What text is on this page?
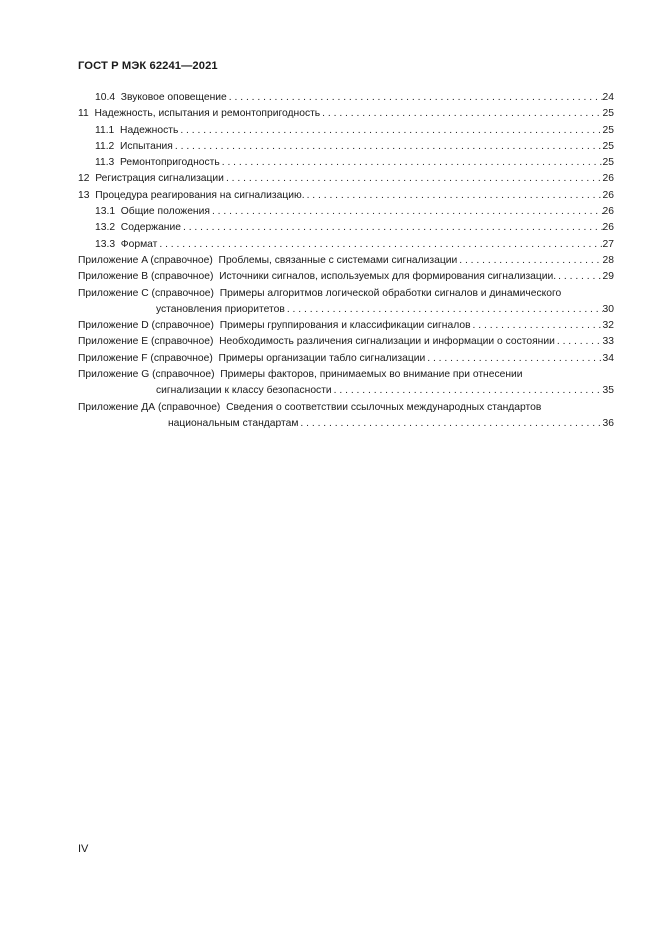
ГОСТ Р МЭК 62241—2021
10.4 Звуковое оповещение . . .	24
11 Надежность, испытания и ремонтопригодность . . .	25
11.1 Надежность . . .	25
11.2 Испытания . . .	25
11.3 Ремонтопригодность . . .	25
12 Регистрация сигнализации . . .	26
13 Процедура реагирования на сигнализацию. . . .	26
13.1 Общие положения . . .	26
13.2 Содержание . . .	26
13.3 Формат . . .	27
Приложение A (справочное) Проблемы, связанные с системами сигнализации . . .	28
Приложение B (справочное) Источники сигналов, используемых для формирования сигнализации. . . .	29
Приложение C (справочное) Примеры алгоритмов логической обработки сигналов и динамического
установления приоритетов . . .	30
Приложение D (справочное) Примеры группирования и классификации сигналов . . .	32
Приложение E (справочное) Необходимость различения сигнализации и информации о состоянии . . .	33
Приложение F (справочное) Примеры организации табло сигнализации . . .	34
Приложение G (справочное) Примеры факторов, принимаемых во внимание при отнесении
сигнализации к классу безопасности . . .	35
Приложение ДА (справочное) Сведения о соответствии ссылочных международных стандартов
национальным стандартам . . .	36
IV
